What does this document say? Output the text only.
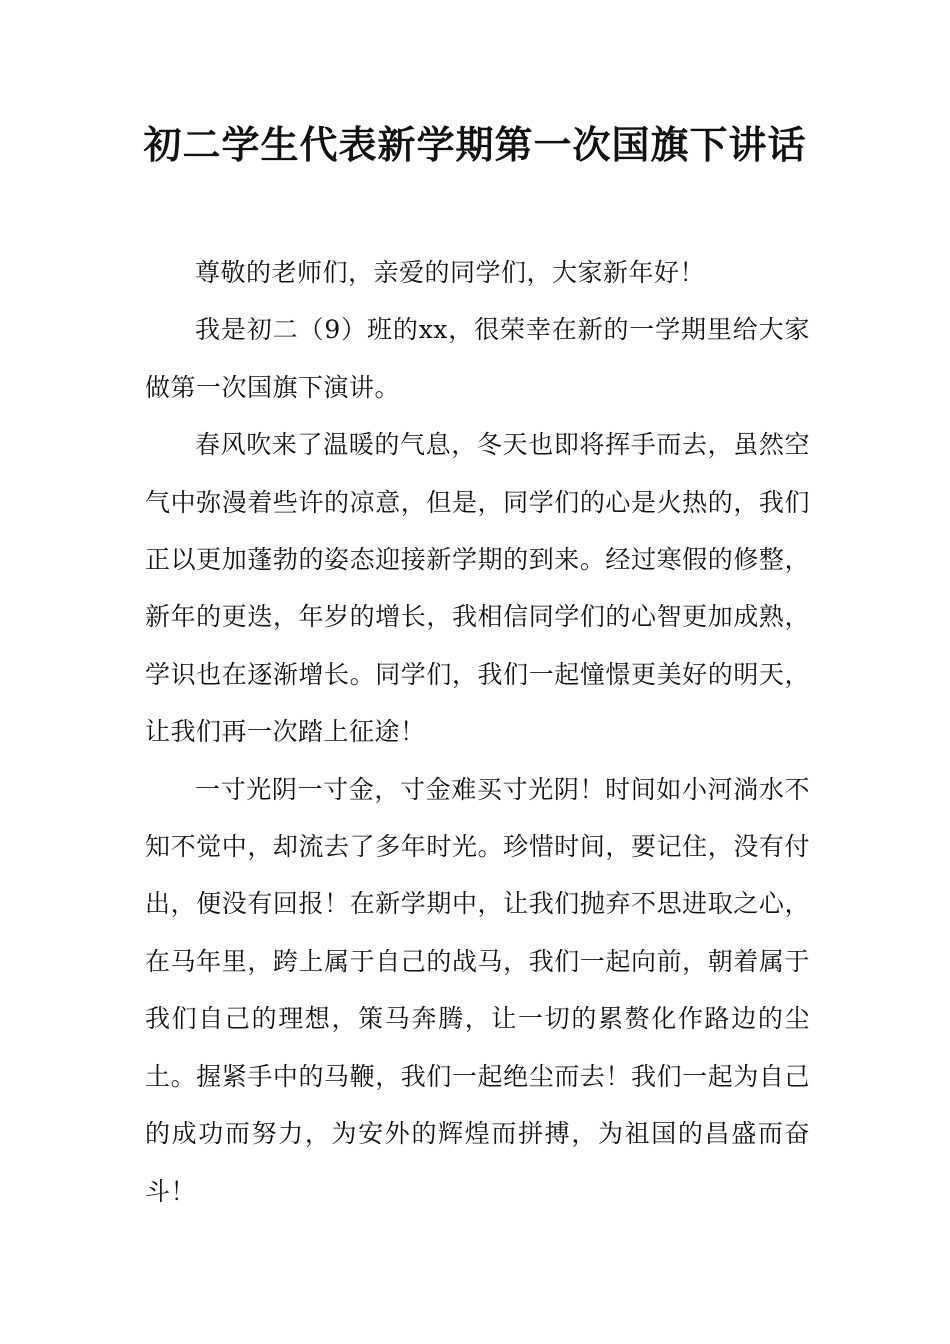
初二学生代表新学期第一次国旗下讲话

尊敬的老师们，亲爱的同学们，大家新年好！

我是初二（9）班的xx，很荣幸在新的一学期里给大家做第一次国旗下演讲。

春风吹来了温暖的气息，冬天也即将挥手而去，虽然空气中弥漫着些许的凉意，但是，同学们的心是火热的，我们正以更加蓬勃的姿态迎接新学期的到来。经过寒假的修整，新年的更迭，年岁的增长，我相信同学们的心智更加成熟，学识也在逐渐增长。同学们，我们一起憧憬更美好的明天，让我们再一次踏上征途！

一寸光阴一寸金，寸金难买寸光阴！时间如小河淌水不知不觉中，却流去了多年时光。珍惜时间，要记住，没有付出，便没有回报！在新学期中，让我们抛弃不思进取之心，在马年里，跨上属于自己的战马，我们一起向前，朝着属于我们自己的理想，策马奔腾，让一切的累赘化作路边的尘土。握紧手中的马鞭，我们一起绝尘而去！我们一起为自己的成功而努力，为安外的辉煌而拼搏，为祖国的昌盛而奋斗！
